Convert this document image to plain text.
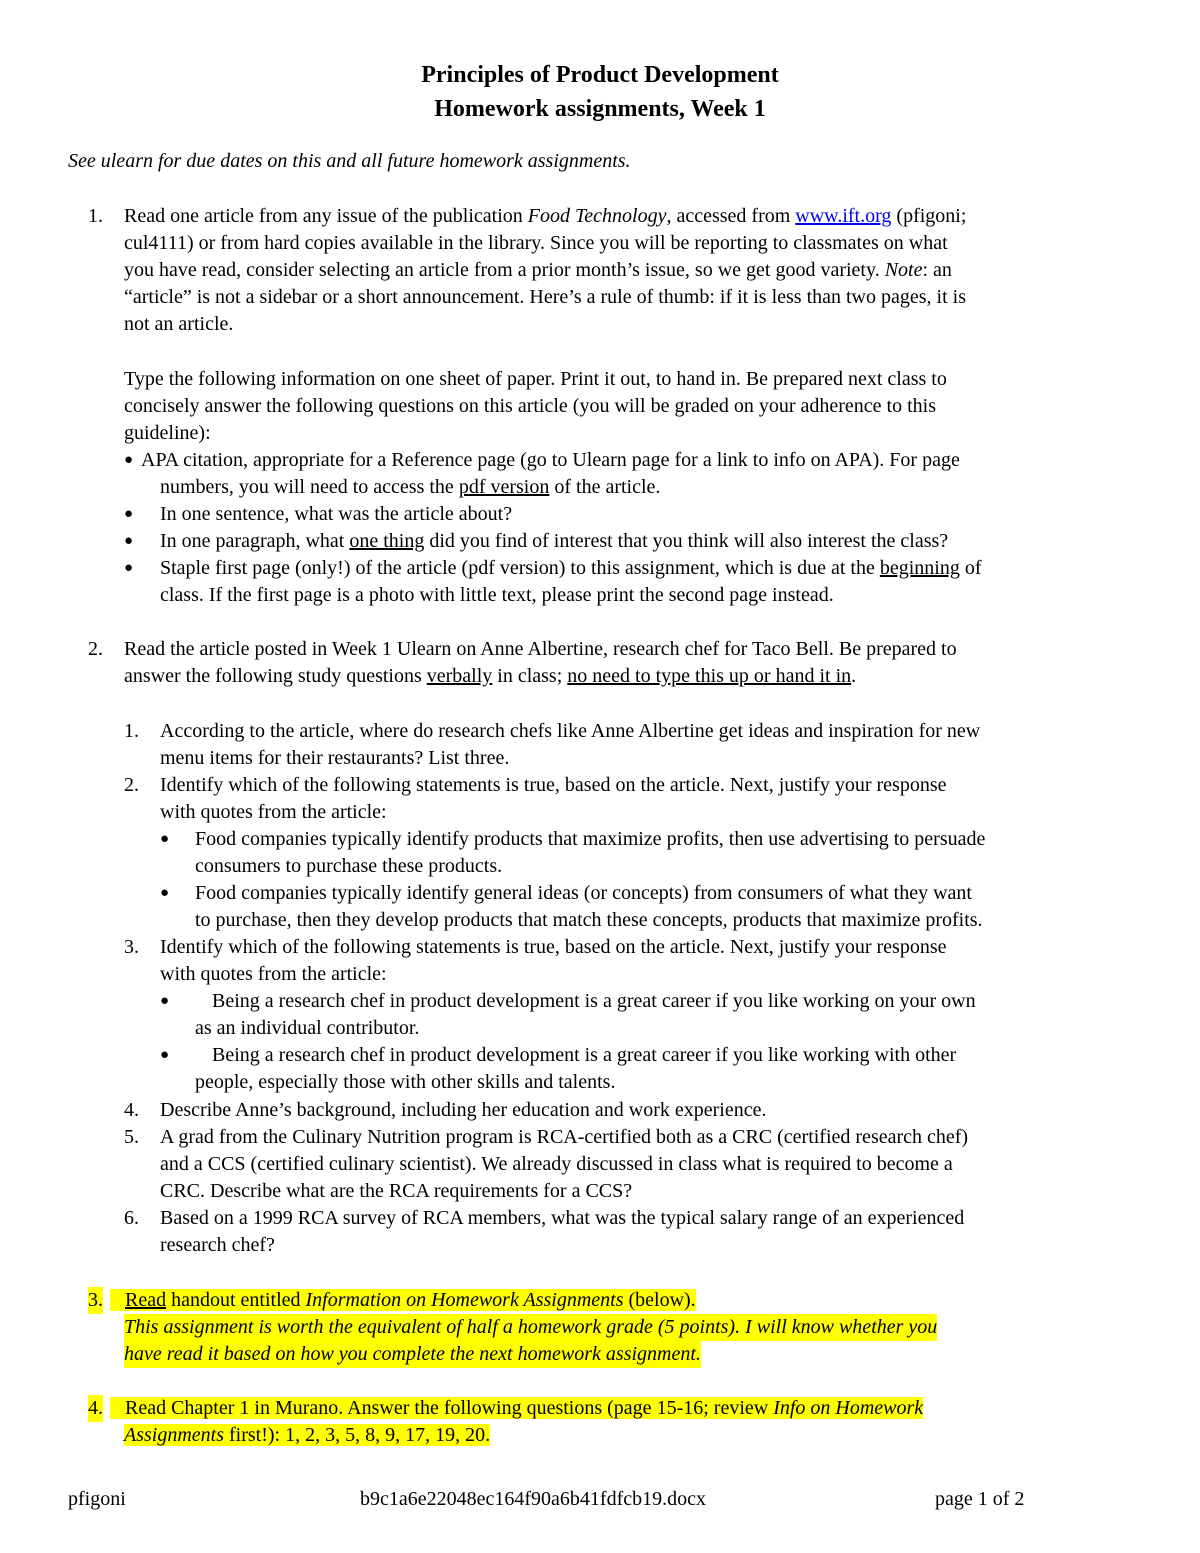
Principles of Product Development
Homework assignments, Week 1
See ulearn for due dates on this and all future homework assignments.
1. Read one article from any issue of the publication Food Technology, accessed from www.ift.org (pfigoni;
cul4111) or from hard copies available in the library. Since you will be reporting to classmates on what
you have read, consider selecting an article from a prior month’s issue, so we get good variety. Note: an
“article” is not a sidebar or a short announcement. Here’s a rule of thumb: if it is less than two pages, it is
not an article.
Type the following information on one sheet of paper. Print it out, to hand in. Be prepared next class to
concisely answer the following questions on this article (you will be graded on your adherence to this
guideline):
● APA citation, appropriate for a Reference page (go to Ulearn page for a link to info on APA). For page
numbers, you will need to access the pdf version of the article.
● In one sentence, what was the article about?
● In one paragraph, what one thing did you find of interest that you think will also interest the class?
● Staple first page (only!) of the article (pdf version) to this assignment, which is due at the beginning of
class. If the first page is a photo with little text, please print the second page instead.
2. Read the article posted in Week 1 Ulearn on Anne Albertine, research chef for Taco Bell. Be prepared to
answer the following study questions verbally in class; no need to type this up or hand it in.
1. According to the article, where do research chefs like Anne Albertine get ideas and inspiration for new
menu items for their restaurants? List three.
2. Identify which of the following statements is true, based on the article. Next, justify your response
with quotes from the article:
● Food companies typically identify products that maximize profits, then use advertising to persuade
consumers to purchase these products.
● Food companies typically identify general ideas (or concepts) from consumers of what they want
to purchase, then they develop products that match these concepts, products that maximize profits.
3. Identify which of the following statements is true, based on the article. Next, justify your response
with quotes from the article:
● Being a research chef in product development is a great career if you like working on your own
as an individual contributor.
● Being a research chef in product development is a great career if you like working with other
people, especially those with other skills and talents.
4. Describe Anne’s background, including her education and work experience.
5. A grad from the Culinary Nutrition program is RCA-certified both as a CRC (certified research chef)
and a CCS (certified culinary scientist). We already discussed in class what is required to become a
CRC. Describe what are the RCA requirements for a CCS?
6. Based on a 1999 RCA survey of RCA members, what was the typical salary range of an experienced
research chef?
3.	Read handout entitled Information on Homework Assignments (below).
This assignment is worth the equivalent of half a homework grade (5 points). I will know whether you
have read it based on how you complete the next homework assignment.
4.	Read Chapter 1 in Murano. Answer the following questions (page 15-16; review Info on Homework
Assignments first!): 1, 2, 3, 5, 8, 9, 17, 19, 20.
pfigoni	b9c1a6e22048ec164f90a6b41fdfcb19.docx	page 1 of 2
